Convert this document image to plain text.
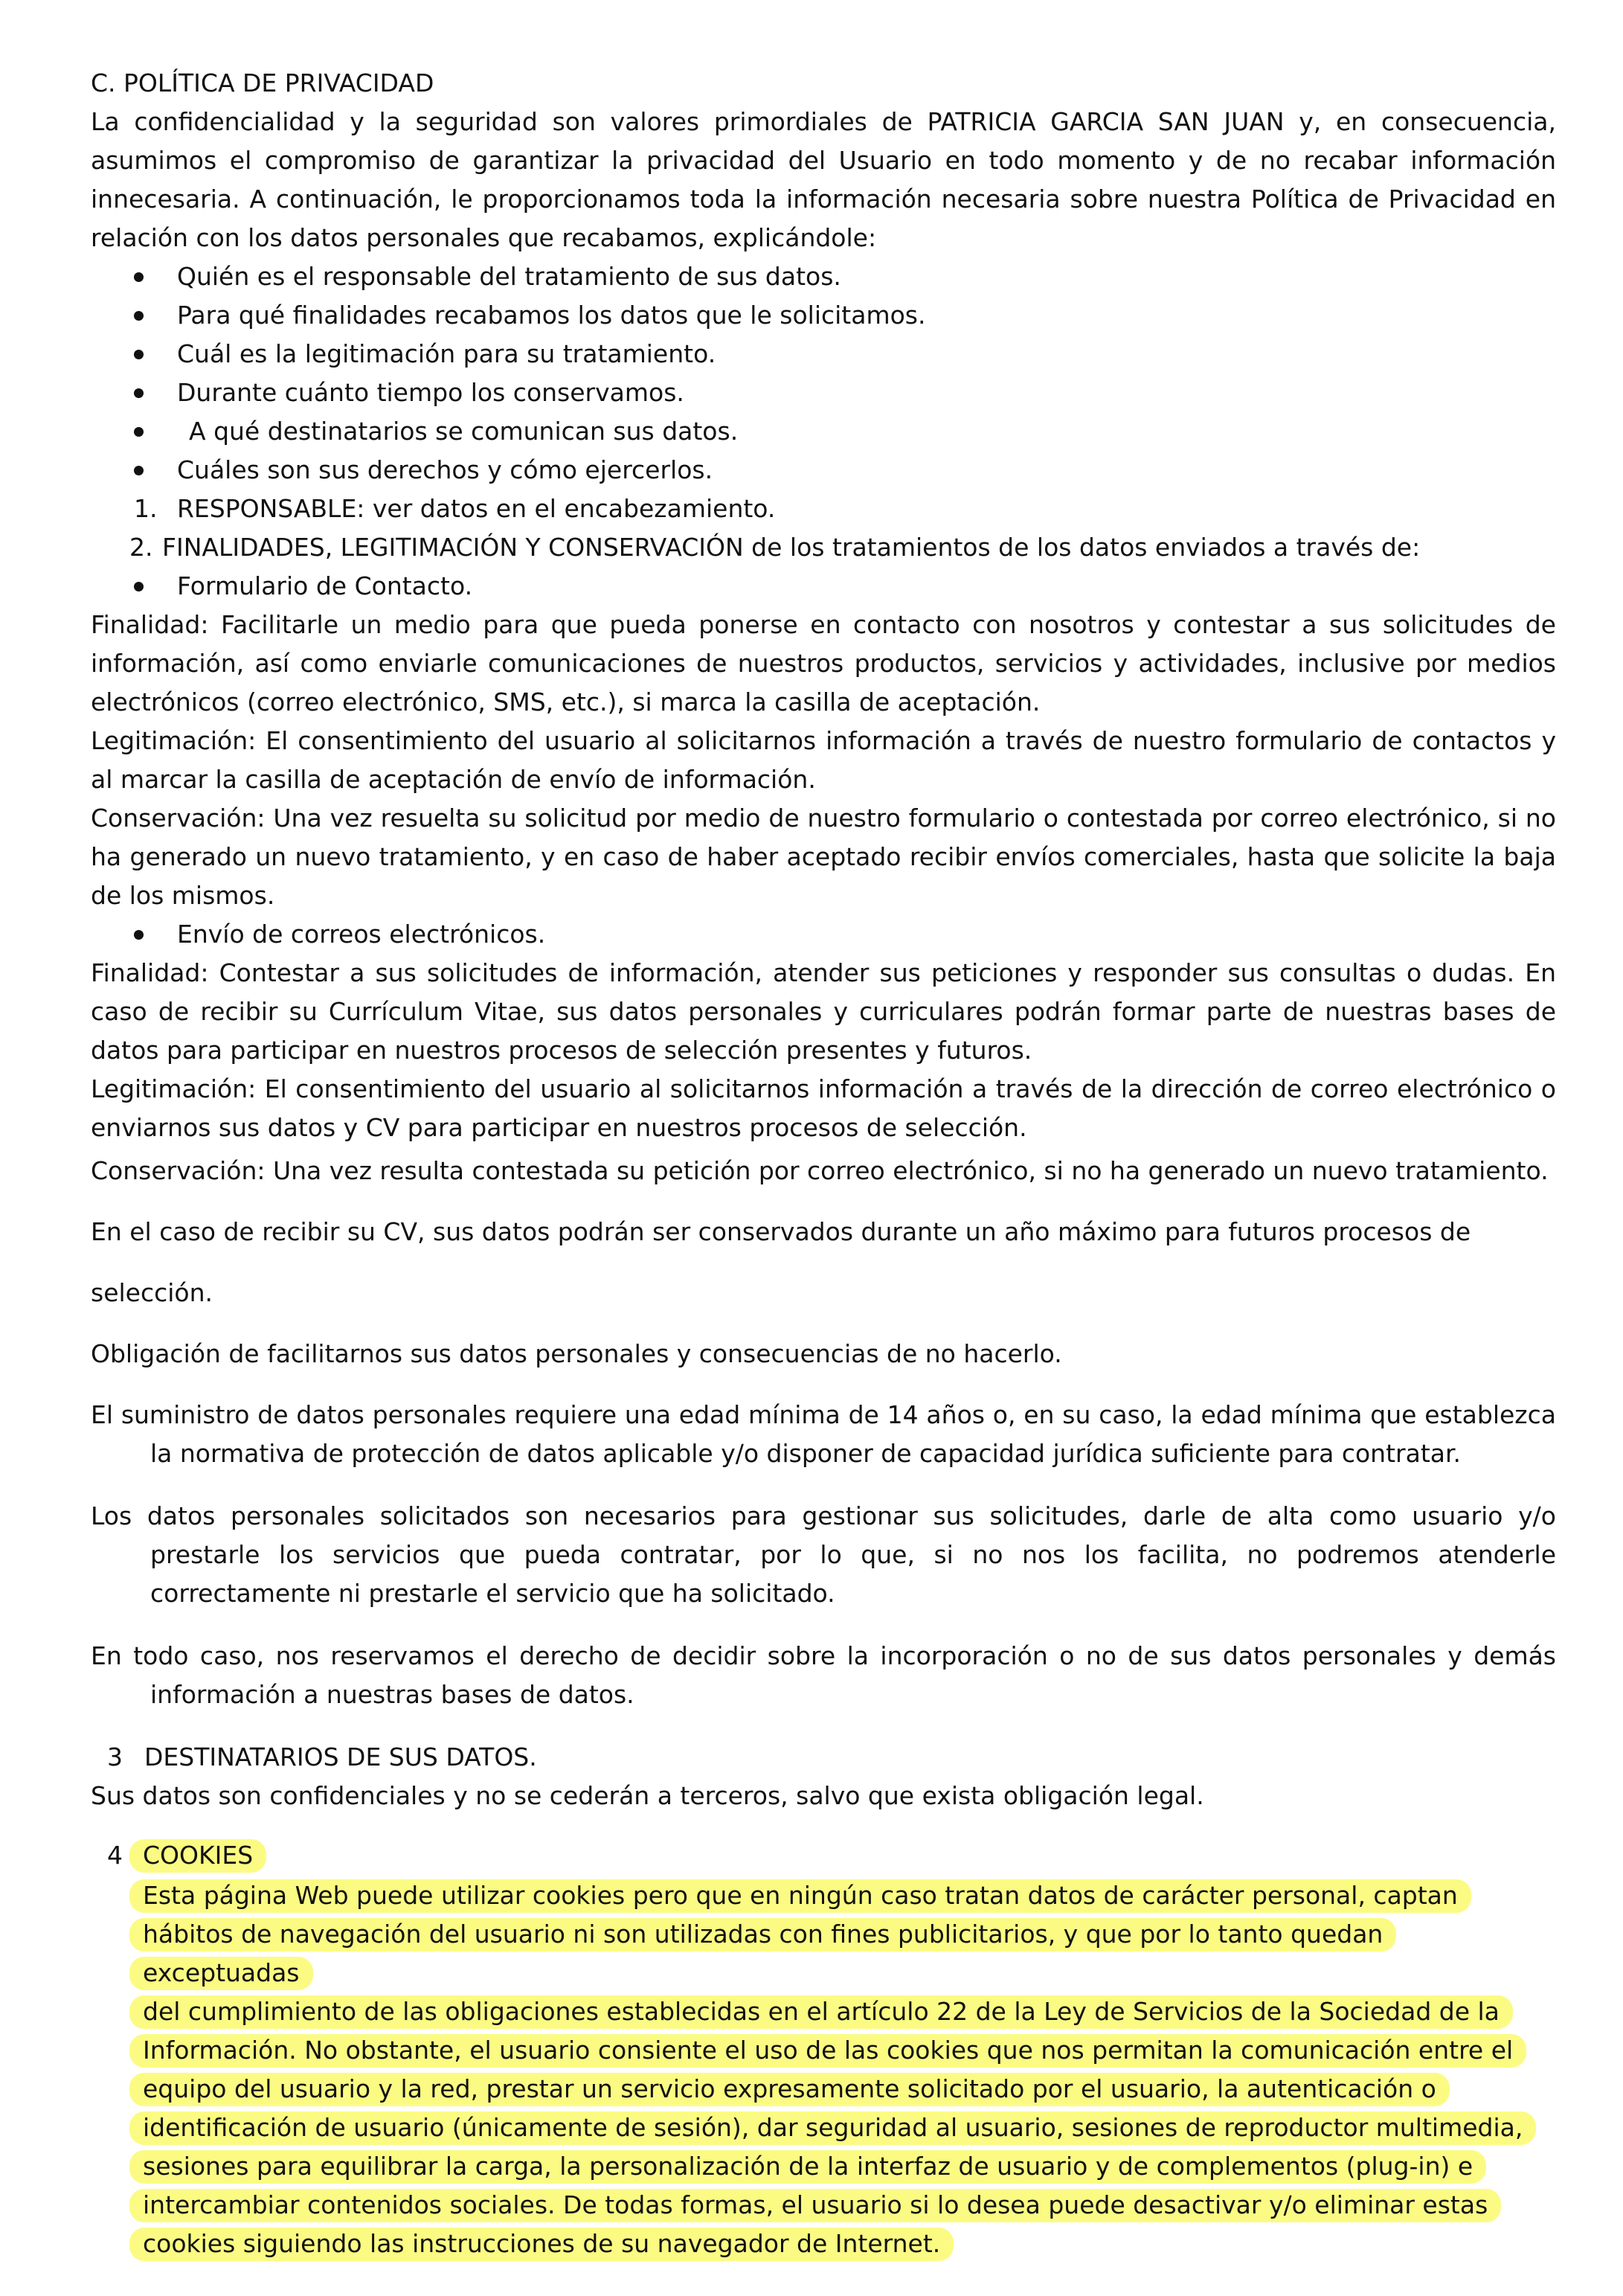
C. POLÍTICA DE PRIVACIDAD

La confidencialidad y la seguridad son valores primordiales de PATRICIA GARCIA SAN JUAN y, en consecuencia, asumimos el compromiso de garantizar la privacidad del Usuario en todo momento y de no recabar información innecesaria. A continuación, le proporcionamos toda la información necesaria sobre nuestra Política de Privacidad en relación con los datos personales que recabamos, explicándole:

Quién es el responsable del tratamiento de sus datos.
Para qué finalidades recabamos los datos que le solicitamos.
Cuál es la legitimación para su tratamiento.
Durante cuánto tiempo los conservamos.
A qué destinatarios se comunican sus datos.
Cuáles son sus derechos y cómo ejercerlos.

1. RESPONSABLE: ver datos en el encabezamiento.

2. FINALIDADES, LEGITIMACIÓN Y CONSERVACIÓN de los tratamientos de los datos enviados a través de:

Formulario de Contacto.

Finalidad: Facilitarle un medio para que pueda ponerse en contacto con nosotros y contestar a sus solicitudes de información, así como enviarle comunicaciones de nuestros productos, servicios y actividades, inclusive por medios electrónicos (correo electrónico, SMS, etc.), si marca la casilla de aceptación.

Legitimación: El consentimiento del usuario al solicitarnos información a través de nuestro formulario de contactos y al marcar la casilla de aceptación de envío de información.

Conservación: Una vez resuelta su solicitud por medio de nuestro formulario o contestada por correo electrónico, si no ha generado un nuevo tratamiento, y en caso de haber aceptado recibir envíos comerciales, hasta que solicite la baja de los mismos.

Envío de correos electrónicos.

Finalidad: Contestar a sus solicitudes de información, atender sus peticiones y responder sus consultas o dudas. En caso de recibir su Currículum Vitae, sus datos personales y curriculares podrán formar parte de nuestras bases de datos para participar en nuestros procesos de selección presentes y futuros.

Legitimación: El consentimiento del usuario al solicitarnos información a través de la dirección de correo electrónico o enviarnos sus datos y CV para participar en nuestros procesos de selección.

Conservación: Una vez resulta contestada su petición por correo electrónico, si no ha generado un nuevo tratamiento.

En el caso de recibir su CV, sus datos podrán ser conservados durante un año máximo para futuros procesos de

selección.

Obligación de facilitarnos sus datos personales y consecuencias de no hacerlo.

El suministro de datos personales requiere una edad mínima de 14 años o, en su caso, la edad mínima que establezca la normativa de protección de datos aplicable y/o disponer de capacidad jurídica suficiente para contratar.

Los datos personales solicitados son necesarios para gestionar sus solicitudes, darle de alta como usuario y/o prestarle los servicios que pueda contratar, por lo que, si no nos los facilita, no podremos atenderle correctamente ni prestarle el servicio que ha solicitado.

En todo caso, nos reservamos el derecho de decidir sobre la incorporación o no de sus datos personales y demás información a nuestras bases de datos.

3 DESTINATARIOS DE SUS DATOS.

Sus datos son confidenciales y no se cederán a terceros, salvo que exista obligación legal.

4 COOKIES

Esta página Web puede utilizar cookies pero que en ningún caso tratan datos de carácter personal, captan

hábitos de navegación del usuario ni son utilizadas con fines publicitarios, y que por lo tanto quedan exceptuadas

del cumplimiento de las obligaciones establecidas en el artículo 22 de la Ley de Servicios de la Sociedad de la

Información. No obstante, el usuario consiente el uso de las cookies que nos permitan la comunicación entre el

equipo del usuario y la red, prestar un servicio expresamente solicitado por el usuario, la autenticación o

identificación de usuario (únicamente de sesión), dar seguridad al usuario, sesiones de reproductor multimedia,

sesiones para equilibrar la carga, la personalización de la interfaz de usuario y de complementos (plug-in) e

intercambiar contenidos sociales. De todas formas, el usuario si lo desea puede desactivar y/o eliminar estas

cookies siguiendo las instrucciones de su navegador de Internet.
